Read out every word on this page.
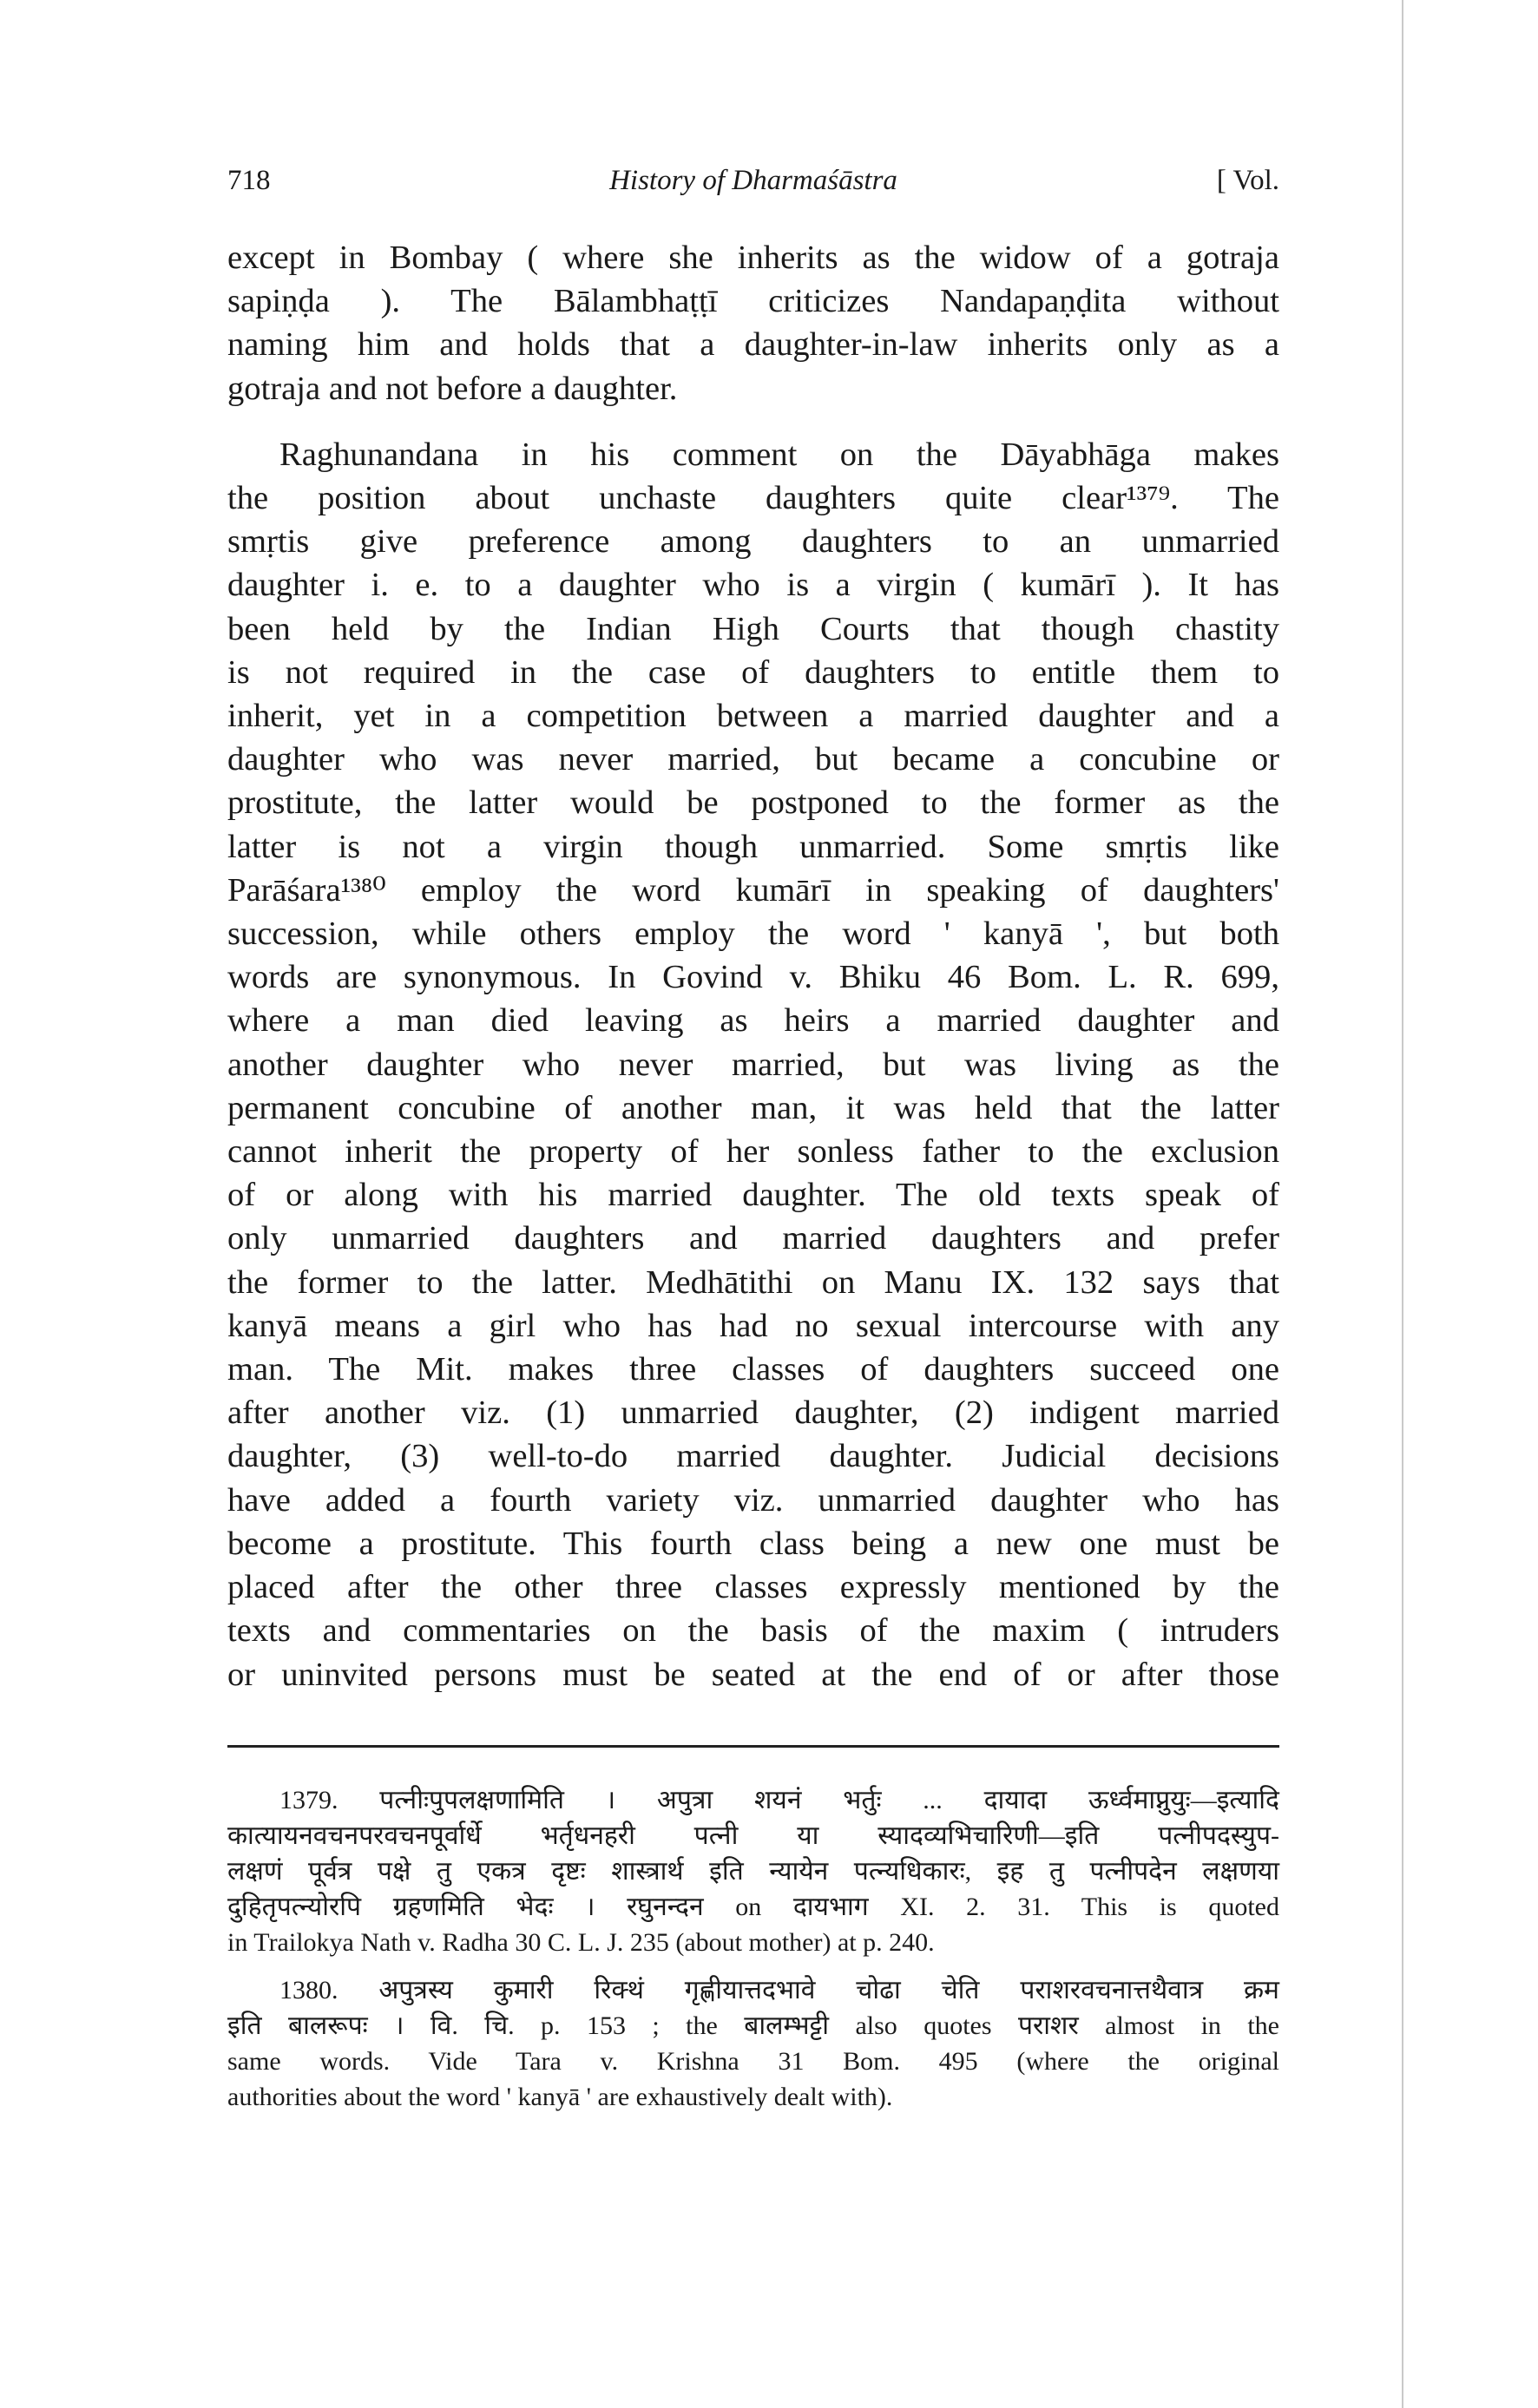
718	History of Dharmaśāstra	[ Vol.

except in Bombay ( where she inherits as the widow of a gotraja
sapiṇḍa ). The Bālambhaṭṭī criticizes Nandapaṇḍita without
naming him and holds that a daughter-in-law inherits only as a
gotraja and not before a daughter.

Raghunandana in his comment on the Dāyabhāga makes
the position about unchaste daughters quite clear¹³⁷⁹. The
smṛtis give preference among daughters to an unmarried
daughter i. e. to a daughter who is a virgin ( kumārī ). It has
been held by the Indian High Courts that though chastity
is not required in the case of daughters to entitle them to
inherit, yet in a competition between a married daughter and a
daughter who was never married, but became a concubine or
prostitute, the latter would be postponed to the former as the
latter is not a virgin though unmarried. Some smṛtis like
Parāśara¹³⁸⁰ employ the word kumārī in speaking of daughters'
succession, while others employ the word ' kanyā ', but both
words are synonymous. In Govind v. Bhiku 46 Bom. L. R. 699,
where a man died leaving as heirs a married daughter and
another daughter who never married, but was living as the
permanent concubine of another man, it was held that the latter
cannot inherit the property of her sonless father to the exclusion
of or along with his married daughter. The old texts speak of
only unmarried daughters and married daughters and prefer
the former to the latter. Medhātithi on Manu IX. 132 says that
kanyā means a girl who has had no sexual intercourse with any
man. The Mit. makes three classes of daughters succeed one
after another viz. (1) unmarried daughter, (2) indigent married
daughter, (3) well-to-do married daughter. Judicial decisions
have added a fourth variety viz. unmarried daughter who has
become a prostitute. This fourth class being a new one must be
placed after the other three classes expressly mentioned by the
texts and commentaries on the basis of the maxim ( intruders
or uninvited persons must be seated at the end of or after those

1379. पत्नीःपुपलक्षणामिति । अपुत्रा शयनं भर्तुः ... दायादा ऊर्ध्वमाप्नुयुः—इत्यादि
कात्यायनवचनपरवचनपूर्वार्धे भर्तृधनहरी पत्नी या स्यादव्यभिचारिणी—इति पत्नीपदस्युप-
लक्षणं पूर्वत्र पक्षे तु एकत्र दृष्टः शास्त्रार्थ इति न्यायेन पत्न्यधिकारः, इह तु पत्नीपदेन लक्षणया
दुहितृपत्न्योरपि ग्रहणमिति भेदः । रघुनन्दन on दायभाग XI. 2. 31. This is quoted
in Trailokya Nath v. Radha 30 C. L. J. 235 (about mother) at p. 240.
1380. अपुत्रस्य कुमारी रिक्थं गृह्णीयात्तदभावे चोढा चेति पराशरवचनात्तथैवात्र क्रम
इति बालरूपः । वि. चि. p. 153 ; the बालम्भट्टी also quotes पराशर almost in the
same words. Vide Tara v. Krishna 31 Bom. 495 (where the original
authorities about the word ' kanyā ' are exhaustively dealt with).
